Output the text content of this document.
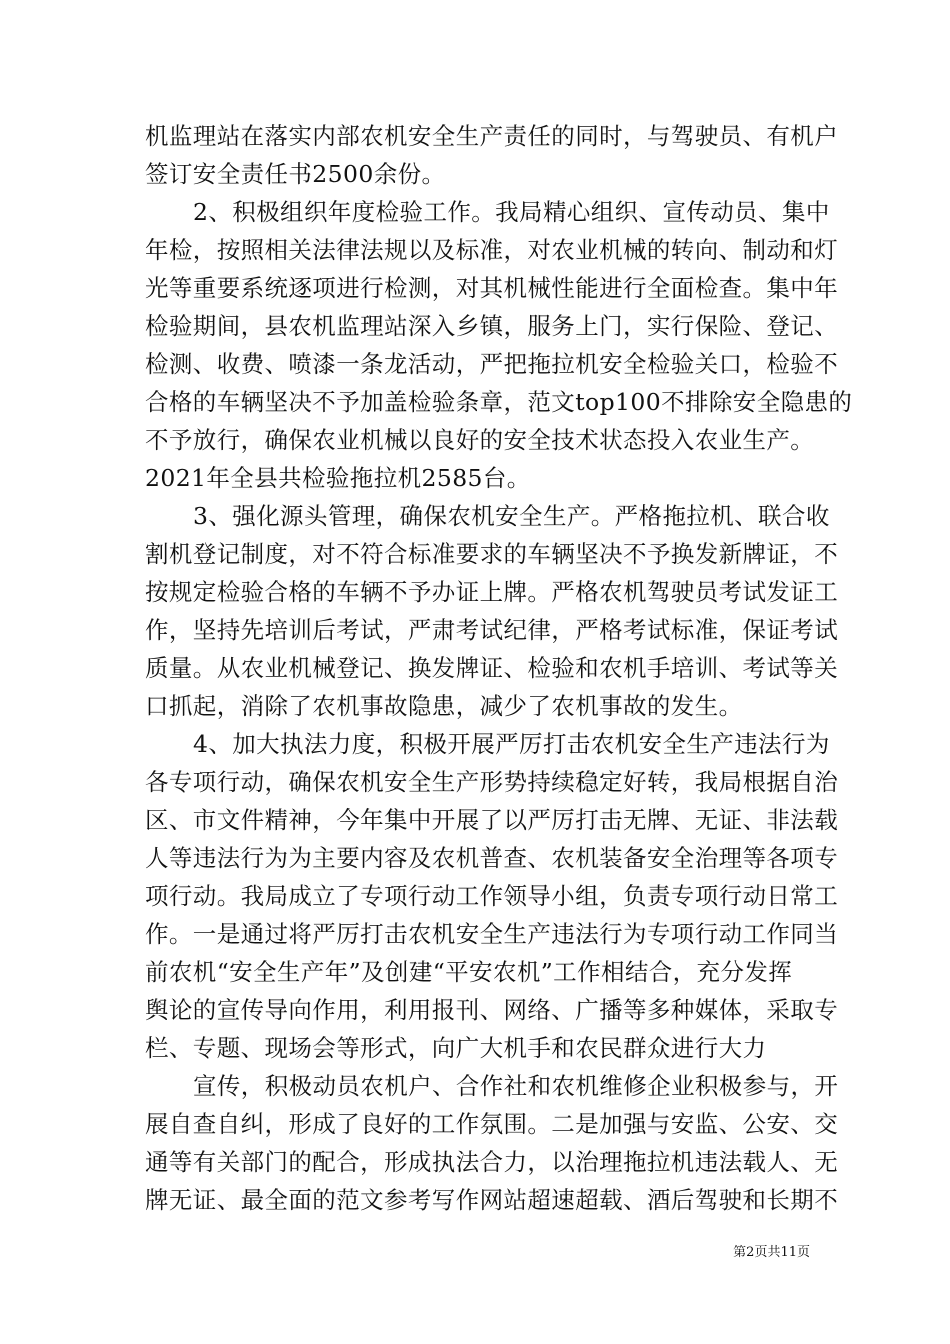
机监理站在落实内部农机安全生产责任的同时，与驾驶员、有机户
签订安全责任书2500余份。
2、积极组织年度检验工作。我局精心组织、宣传动员、集中
年检，按照相关法律法规以及标准，对农业机械的转向、制动和灯
光等重要系统逐项进行检测，对其机械性能进行全面检查。集中年
检验期间，县农机监理站深入乡镇，服务上门，实行保险、登记、
检测、收费、喷漆一条龙活动，严把拖拉机安全检验关口，检验不
合格的车辆坚决不予加盖检验条章，范文top100不排除安全隐患的
不予放行，确保农业机械以良好的安全技术状态投入农业生产。
2021年全县共检验拖拉机2585台。
3、强化源头管理，确保农机安全生产。严格拖拉机、联合收
割机登记制度，对不符合标准要求的车辆坚决不予换发新牌证，不
按规定检验合格的车辆不予办证上牌。严格农机驾驶员考试发证工
作，坚持先培训后考试，严肃考试纪律，严格考试标准，保证考试
质量。从农业机械登记、换发牌证、检验和农机手培训、考试等关
口抓起，消除了农机事故隐患，减少了农机事故的发生。
4、加大执法力度，积极开展严厉打击农机安全生产违法行为
各专项行动，确保农机安全生产形势持续稳定好转，我局根据自治
区、市文件精神，今年集中开展了以严厉打击无牌、无证、非法载
人等违法行为为主要内容及农机普查、农机装备安全治理等各项专
项行动。我局成立了专项行动工作领导小组，负责专项行动日常工
作。一是通过将严厉打击农机安全生产违法行为专项行动工作同当
前农机“安全生产年”及创建“平安农机”工作相结合，充分发挥
舆论的宣传导向作用，利用报刊、网络、广播等多种媒体，采取专
栏、专题、现场会等形式，向广大机手和农民群众进行大力
宣传，积极动员农机户、合作社和农机维修企业积极参与，开
展自查自纠，形成了良好的工作氛围。二是加强与安监、公安、交
通等有关部门的配合，形成执法合力，以治理拖拉机违法载人、无
牌无证、最全面的范文参考写作网站超速超载、酒后驾驶和长期不
第2页共11页
